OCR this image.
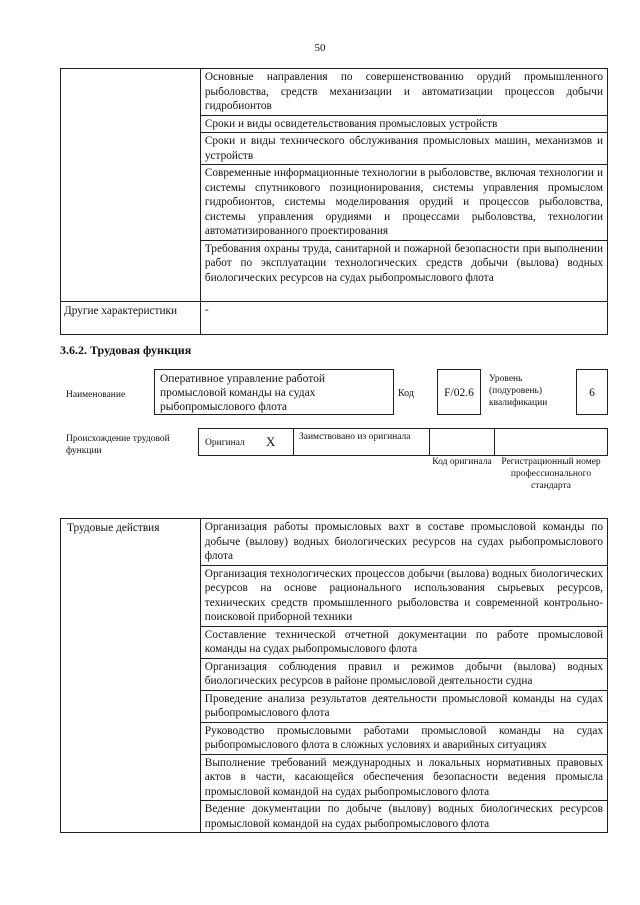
50
	Основные направления по совершенствованию орудий промышленного рыболовства, средств механизации и автоматизации процессов добычи гидробионтов
	Сроки и виды освидетельствования промысловых устройств
	Сроки и виды технического обслуживания промысловых машин, механизмов и устройств
	Современные информационные технологии в рыболовстве, включая технологии и системы спутникового позиционирования, системы управления промыслом гидробионтов, системы моделирования орудий и процессов рыболовства, системы управления орудиями и процессами рыболовства, технологии автоматизированного проектирования
	Требования охраны труда, санитарной и пожарной безопасности при выполнении работ по эксплуатации технологических средств добычи (вылова) водных биологических ресурсов на судах рыбопромыслового флота
Другие характеристики	-
3.6.2. Трудовая функция
Наименование
Оперативное управление работой промысловой команды на судах рыбопромыслового флота
Код	F/02.6
Уровень (подуровень) квалификации
6
Происхождение трудовой функции
Оригинал X	Заимствовано из оригинала
Код оригинала	Регистрационный номер профессионального стандарта
Трудовые действия	Организация работы промысловых вахт в составе промысловой команды по добыче (вылову) водных биологических ресурсов на судах рыбопромыслового флота
Организация технологических процессов добычи (вылова) водных биологических ресурсов на основе рационального использования сырьевых ресурсов, технических средств промышленного рыболовства и современной контрольно-поисковой приборной техники
Составление технической отчетной документации по работе промысловой команды на судах рыбопромыслового флота
Организация соблюдения правил и режимов добычи (вылова) водных биологических ресурсов в районе промысловой деятельности судна
Проведение анализа результатов деятельности промысловой команды на судах рыбопромыслового флота
Руководство промысловыми работами промысловой команды на судах рыбопромыслового флота в сложных условиях и аварийных ситуациях
Выполнение требований международных и локальных нормативных правовых актов в части, касающейся обеспечения безопасности ведения промысла промысловой командой на судах рыбопромыслового флота
Ведение документации по добыче (вылову) водных биологических ресурсов промысловой командой на судах рыбопромыслового флота
